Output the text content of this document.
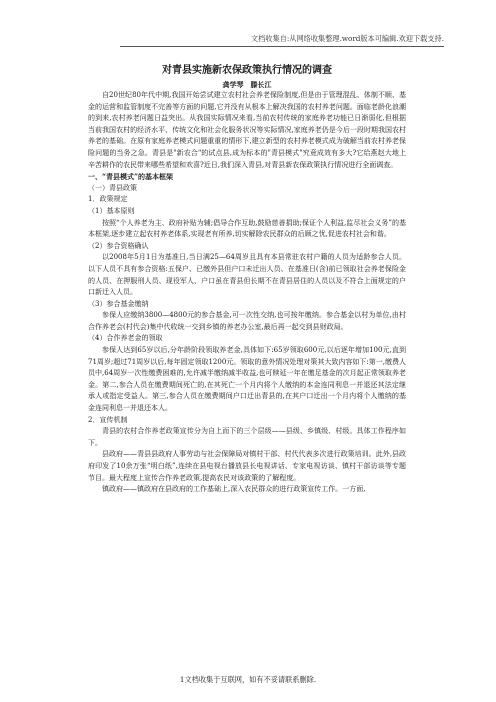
文档收集自:从网络收集整理.word版本可编辑.欢迎下载支持.
对青县实施新农保政策执行情况的调查
龚学琴　滕长江

自20世纪80年代中期,我国开始尝试建立农村社会养老保险制度,但是由于管理混乱、体制不顺、基金的运营和监管制度不完善等方面的问题,它并没有从根本上解决我国的农村养老问题。面临老龄化浪潮的到来,农村养老问题日益突出。从我国实际情况来看,当前农村传统的家庭养老功能已日渐弱化,但根据当前我国农村的经济水平、传统文化和社会化服务状况等实际情况,家庭养老仍是今后一段时期我国农村养老的基础。在原有家庭养老模式问题重重的情形下,建立新型的农村养老模式成为破解当前农村养老保险问题的当务之急。青县是"新农合"的试点县,成为标本的"青县模式"究竟成效有多大?它给燕赵大地上辛苦耕作的农民带来哪些希望和欢喜?近日,我们深入青县,对青县新农保政策执行情况进行全面调查。

一、“青县模式”的基本框架

（一）青县政策

1．政策规定

（1）基本原则

按照“个人养老为主、政府补贴为辅;倡导合作互助,鼓励慈善捐助;保证个人利益,监尽社会义务”的基本框架,逐步建立起农村养老体系,实现老有所养,切实解除农民群众的后顾之忧,促进农村社会和谐。

（2）参合资格确认

以2008年5月1日为基准日,当日满25—64周岁且具有本县常驻农村户籍的人员为适龄参合人员。以下人员不具有参合资格:五保户、已缴外县但户口未迁出人员、在基准日(含)前已领取社会养老保险金的人员、在押服刑人员、现役军人、户口虽在青县但长期不在青县居住的人员以及不符合上面规定的户口新迁入人员。

（3）参合基金缴纳

参保人应缴纳3800—4800元的参合基金,可一次性交纳,也可按年缴纳。参合基金以村为单位,由村合作养老会(村代会)集中代收统一交到乡镇的养老办公室,最后再一起交到县财政局。

（4）合作养老金的领取

参保人达到65岁以后,分年龄阶段领取养老金,具体如下:65岁领取600元,以后逐年增加100元,直到71周岁;超过71周岁以后,每年固定领取1200元。领取的意外情况处理对策其大致内容如下:第一,缴费人员中,64周岁一次性缴费困难的,允许减半缴纳减半收益,也可赎延一年在缴足基金的次月起正常领取养老金。第二,参合人员在缴费期间死亡的,在其死亡一个月内将个人缴纳的本金连同利息一并退还其法定继承人或指定受益人。第三,参合人员在缴费期间户口迁出青县的,在其户口迁出一个月内将个人缴纳的基金连同利息一并退还本人。

2．宣传机制

青县的农村合作养老政策宣传分为自上而下的三个层级——县级、乡镇级、村级。具体工作程序如下。

县政府——青县县政府人事劳动与社会保障局对镇村干部、村代代表多次进行政策培训。此外,县政府印发了10余万张“明白纸”,连续在县电视台播放县长电视讲话、专家电视访谈、镇村干部访谈等专题节目。最大程度上宣传合作养老政策,提高农民对该政策的了解程度。

镇政府——镇政府在县政府的工作基础上,深入农民群众的进行政策宣传工作。一方面,

1文档收集于互联网，如有不妥请联系删除.
